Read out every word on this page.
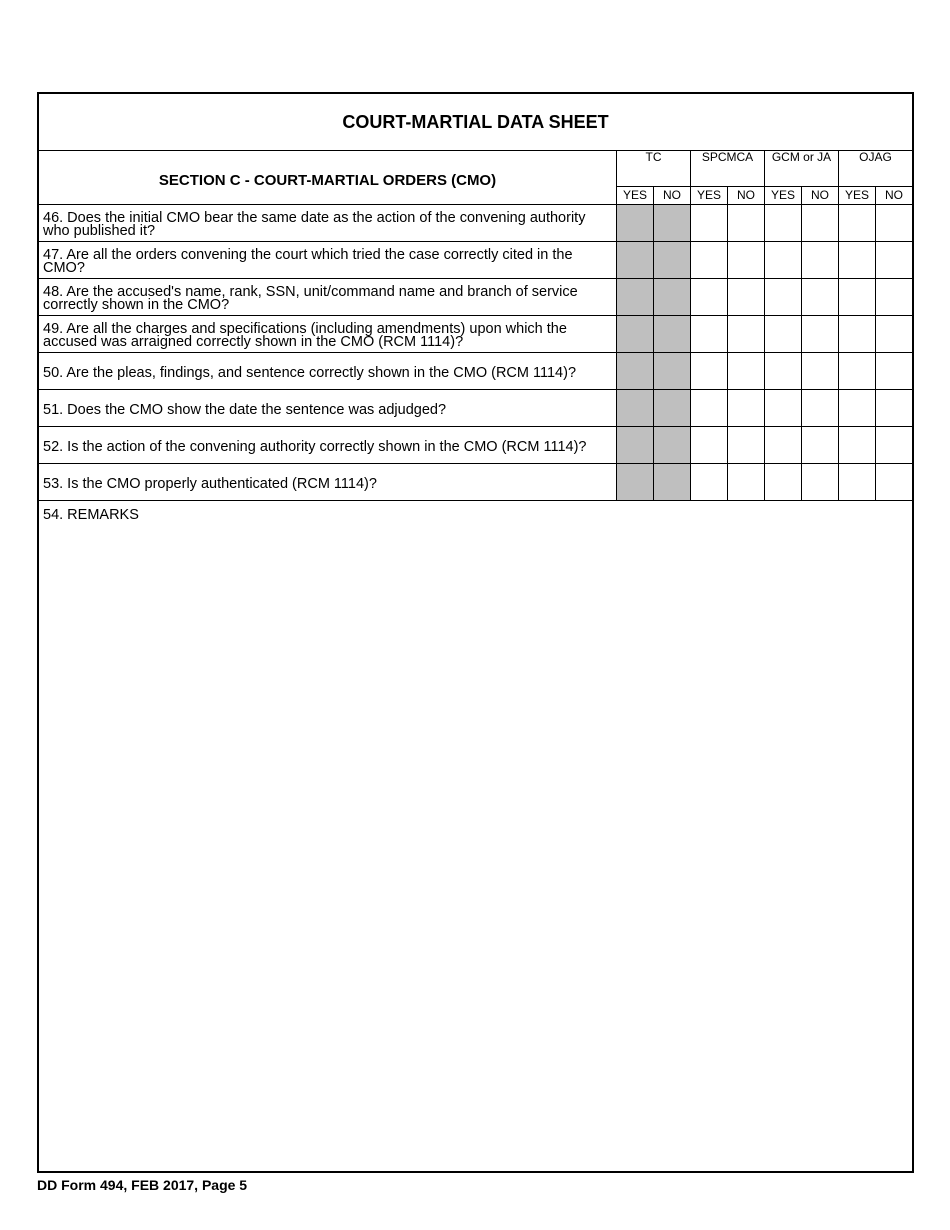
COURT-MARTIAL DATA SHEET
SECTION C - COURT-MARTIAL ORDERS (CMO)
TC	SPCMCA	GCM or JA	OJAG
YES	NO	YES	NO	YES	NO	YES	NO
46. Does the initial CMO bear the same date as the action of the convening authority who published it?
47. Are all the orders convening the court which tried the case correctly cited in the CMO?
48. Are the accused's name, rank, SSN, unit/command name and branch of service correctly shown in the CMO?
49. Are all the charges and specifications (including amendments) upon which the accused was arraigned correctly shown in the CMO (RCM 1114)?
50. Are the pleas, findings, and sentence correctly shown in the CMO (RCM 1114)?
51. Does the CMO show the date the sentence was adjudged?
52. Is the action of the convening authority correctly shown in the CMO (RCM 1114)?
53. Is the CMO properly authenticated (RCM 1114)?
54. REMARKS
DD Form 494, FEB 2017, Page 5
